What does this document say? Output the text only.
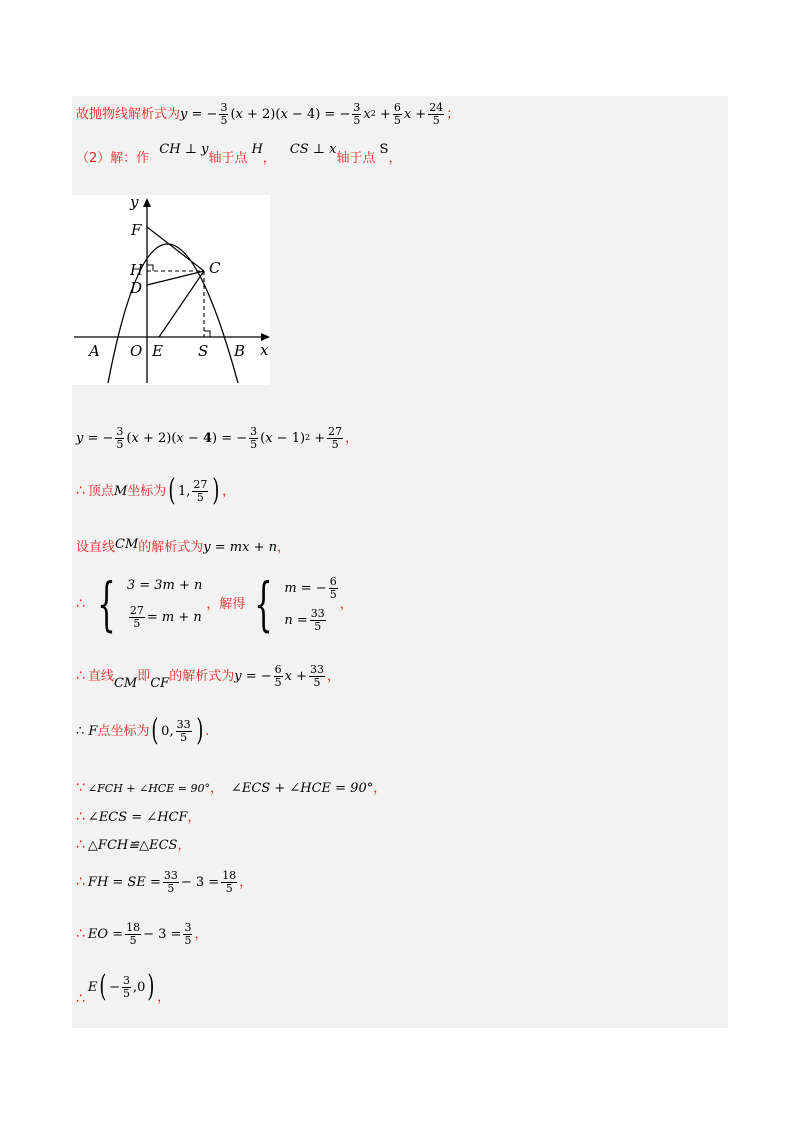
故抛物线解析式为 y = − $\frac{3}{5} (x + 2)(x - 4)$ = − $\frac{3}{5}$ x $2 + \frac{6}{5}$ $x + \frac{24}{5}$ ；
（2）解：作
CH ⊥ y
轴于点
H
，
CS ⊥ x
轴于点
S
，
y
x
F
H
D
C
A O E S B
y = − $\frac{3}{5} (x + 2)(x - 4)$ = − $\frac{3}{5} (x - 1) 2 + \frac{27}{5}$ ，
∴ 顶点 M 坐标为 ( 1, $\frac{27}{5}$ ) ，
设直线 CM 的解析式为 y = mx + n ，
∴ { 3 = 3m + n
$\frac{27}{5} = m + n$
，解得 { m = − $\frac{6}{5}$
$n = \frac{33}{5}$
，
∴ 直线 CM 即 CF 的解析式为 y = − $\frac{6}{5}$ $x + \frac{33}{5}$ ，
∴ F 点坐标为 ( 0, $\frac{33}{5}$ ) .
∵ ∠FCH + ∠HCE = 90° ， ∠ECS + ∠HCE = 90° ，
∴ ∠ECS = ∠HCF ，
∴ △FCH≌△ECS ，
∴ FH = SE = $\frac{33}{5} - 3 = \frac{18}{5}$ ，
∴ EO = $\frac{18}{5} - 3 = \frac{3}{5}$ ，
∴
E ( − $\frac{3}{5} ,0$ ) ，
